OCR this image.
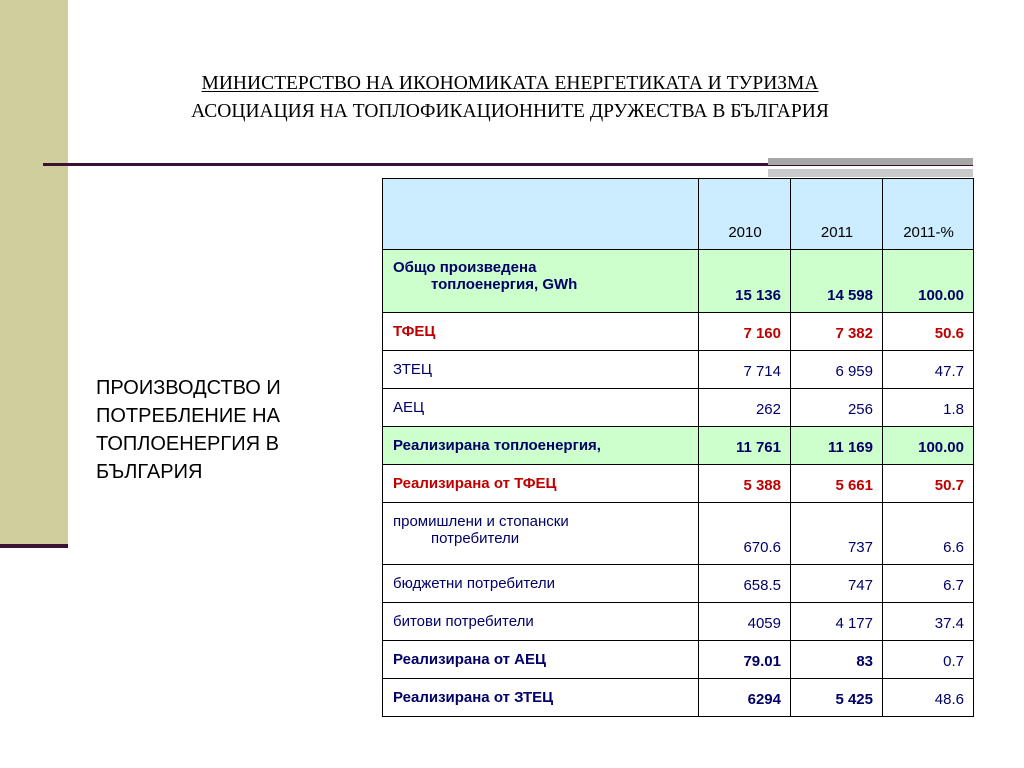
МИНИСТЕРСТВО НА ИКОНОМИКАТА ЕНЕРГЕТИКАТА И ТУРИЗМА
АСОЦИАЦИЯ НА ТОПЛОФИКАЦИОННИТЕ ДРУЖЕСТВА В БЪЛГАРИЯ
ПРОИЗВОДСТВО И ПОТРЕБЛЕНИЕ НА ТОПЛОЕНЕРГИЯ В БЪЛГАРИЯ
	2010	2011	2011-%
Общо произведена
топлоенергия, GWh	15 136	14 598	100.00
ТФЕЦ	7 160	7 382	50.6
ЗТЕЦ	7 714	6 959	47.7
АЕЦ	262	256	1.8
Реализирана топлоенергия,	11 761	11 169	100.00
Реализирана от ТФЕЦ	5 388	5 661	50.7
промишлени и стопански
потребители	670.6	737	6.6
бюджетни потребители	658.5	747	6.7
битови потребители	4059	4 177	37.4
Реализирана от АЕЦ	79.01	83	0.7
Реализирана от ЗТЕЦ	6294	5 425	48.6
